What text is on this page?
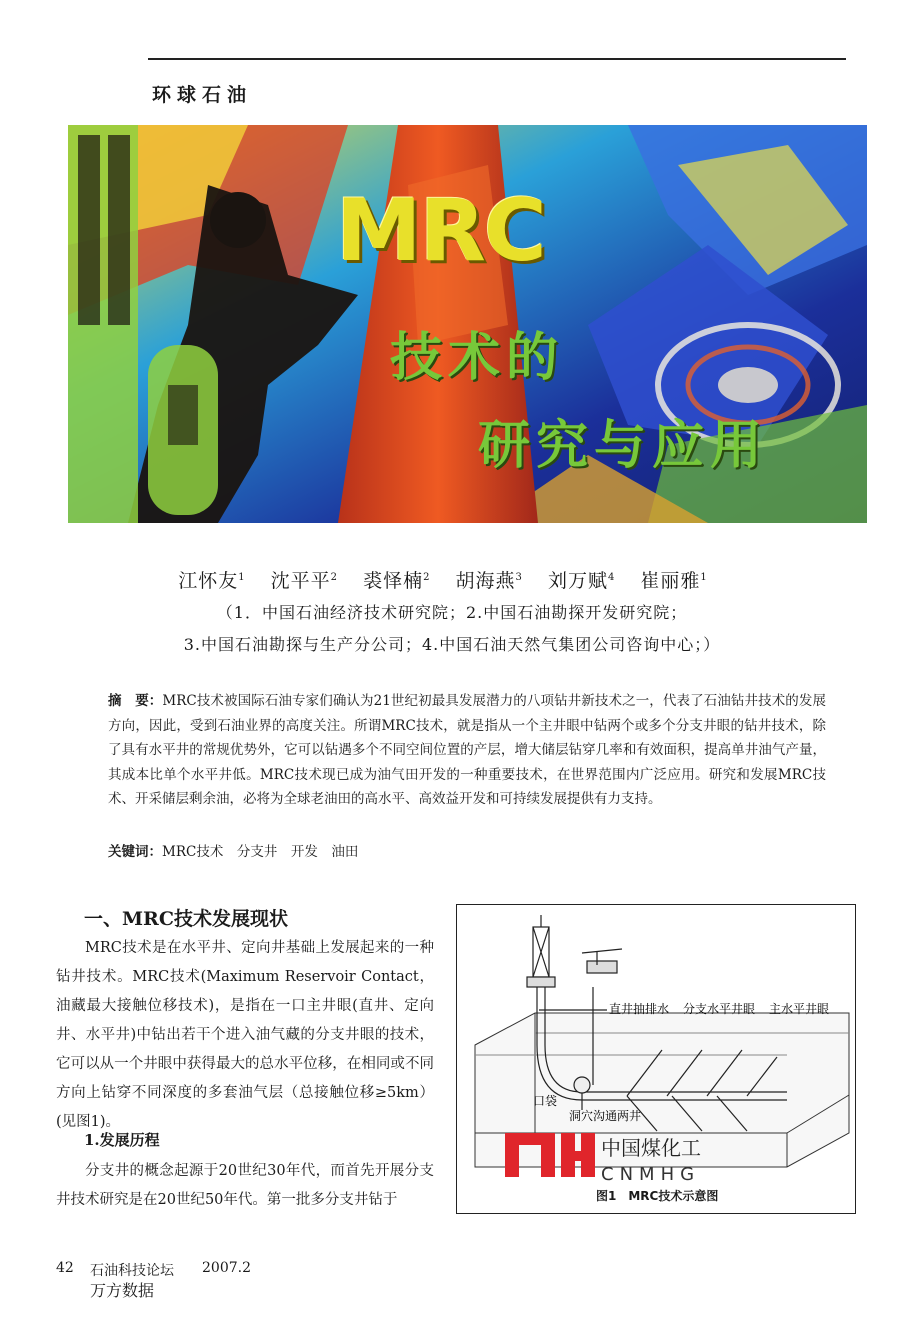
环球石油
MRC
技术的
研究与应用
江怀友$^1$ 沈平平$^2$ 裘怿楠$^2$ 胡海燕$^3$ 刘万赋$^4$ 崔丽雅$^1$
（1．中国石油经济技术研究院；2.中国石油勘探开发研究院；
3.中国石油勘探与生产分公司；4.中国石油天然气集团公司咨询中心；）
摘　要：MRC技术被国际石油专家们确认为21世纪初最具发展潜力的八项钻井新技术之一，代表了石油钻井技术的发展方向，因此，受到石油业界的高度关注。所谓MRC技术，就是指从一个主井眼中钻两个或多个分支井眼的钻井技术，除了具有水平井的常规优势外，它可以钻遇多个不同空间位置的产层，增大储层钻穿几率和有效面积，提高单井油气产量，其成本比单个水平井低。MRC技术现已成为油气田开发的一种重要技术，在世界范围内广泛应用。研究和发展MRC技术、开采储层剩余油，必将为全球老油田的高水平、高效益开发和可持续发展提供有力支持。
关键词：MRC技术　分支井　开发　油田
一、MRC技术发展现状
MRC技术是在水平井、定向井基础上发展起来的一种钻井技术。MRC技术(Maximum Reservoir Contact，油藏最大接触位移技术)，是指在一口主井眼(直井、定向井、水平井)中钻出若干个进入油气藏的分支井眼的技术，它可以从一个井眼中获得最大的总水平位移，在相同或不同方向上钻穿不同深度的多套油气层（总接触位移≥5km）(见图1)。
1.发展历程
分支井的概念起源于20世纪30年代，而首先开展分支井技术研究是在20世纪50年代。第一批多分支井钻于
直井抽排水 分支水平井眼 主水平井眼
口袋
洞穴沟通两井
中国煤化工
CNMHG
图1　MRC技术示意图
42 石油科技论坛 2007.2
万方数据
